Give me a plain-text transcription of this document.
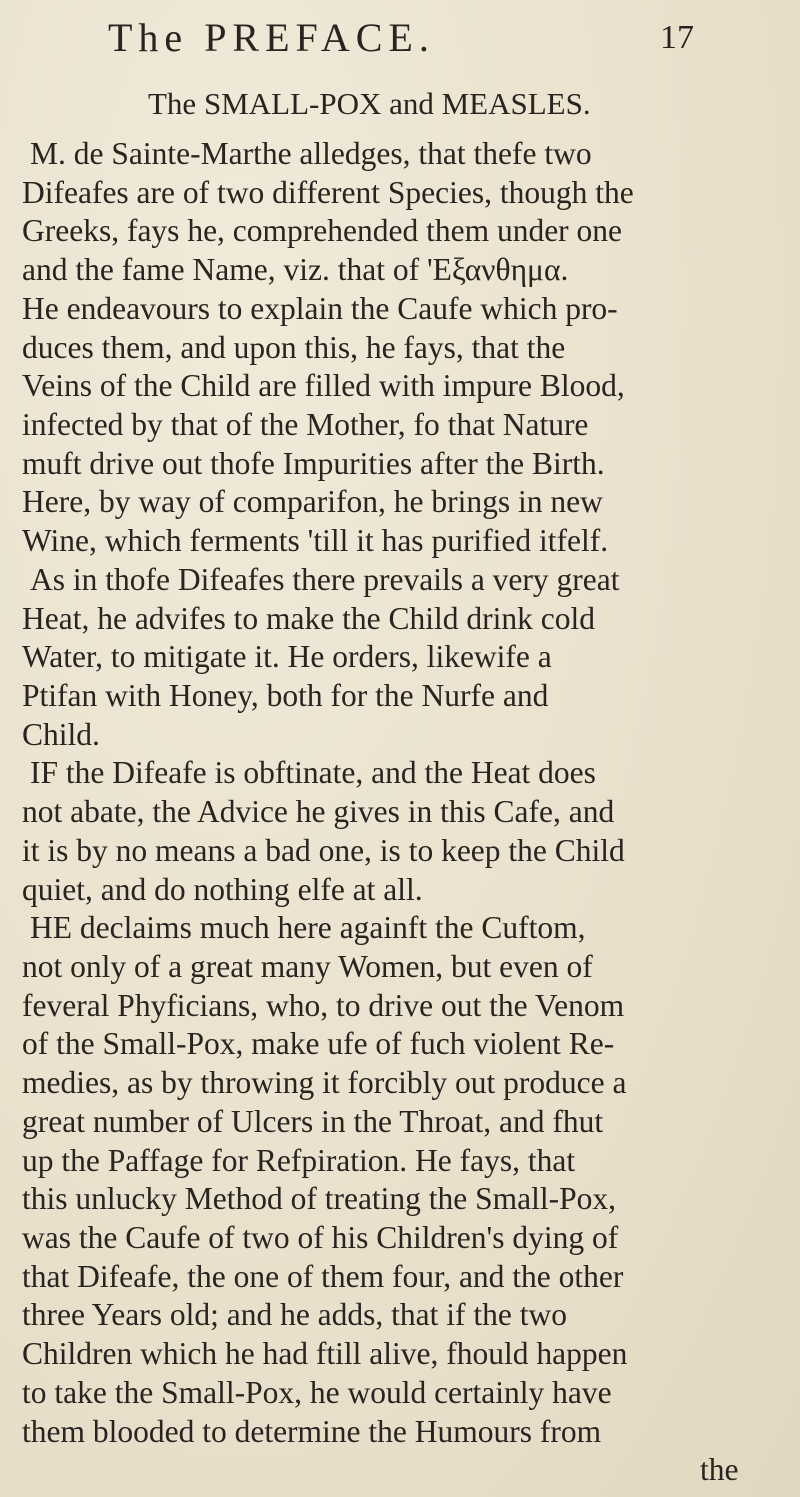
The PREFACE.	17
The SMALL-POX and MEASLES.
M. de Sainte-Marthe alledges, that thefe two
Difeafes are of two different Species, though the
Greeks, fays he, comprehended them under one
and the fame Name, viz. that of 'Εξανθημα.
He endeavours to explain the Caufe which pro-
duces them, and upon this, he fays, that the
Veins of the Child are filled with impure Blood,
infected by that of the Mother, fo that Nature
muft drive out thofe Impurities after the Birth.
Here, by way of comparifon, he brings in new
Wine, which ferments 'till it has purified itfelf.
As in thofe Difeafes there prevails a very great
Heat, he advifes to make the Child drink cold
Water, to mitigate it. He orders, likewife a
Ptifan with Honey, both for the Nurfe and
Child.
IF the Difeafe is obftinate, and the Heat does
not abate, the Advice he gives in this Cafe, and
it is by no means a bad one, is to keep the Child
quiet, and do nothing elfe at all.
HE declaims much here againft the Cuftom,
not only of a great many Women, but even of
feveral Phyficians, who, to drive out the Venom
of the Small-Pox, make ufe of fuch violent Re-
medies, as by throwing it forcibly out produce a
great number of Ulcers in the Throat, and fhut
up the Paffage for Refpiration. He fays, that
this unlucky Method of treating the Small-Pox,
was the Caufe of two of his Children's dying of
that Difeafe, the one of them four, and the other
three Years old; and he adds, that if the two
Children which he had ftill alive, fhould happen
to take the Small-Pox, he would certainly have
them blooded to determine the Humours from
the
